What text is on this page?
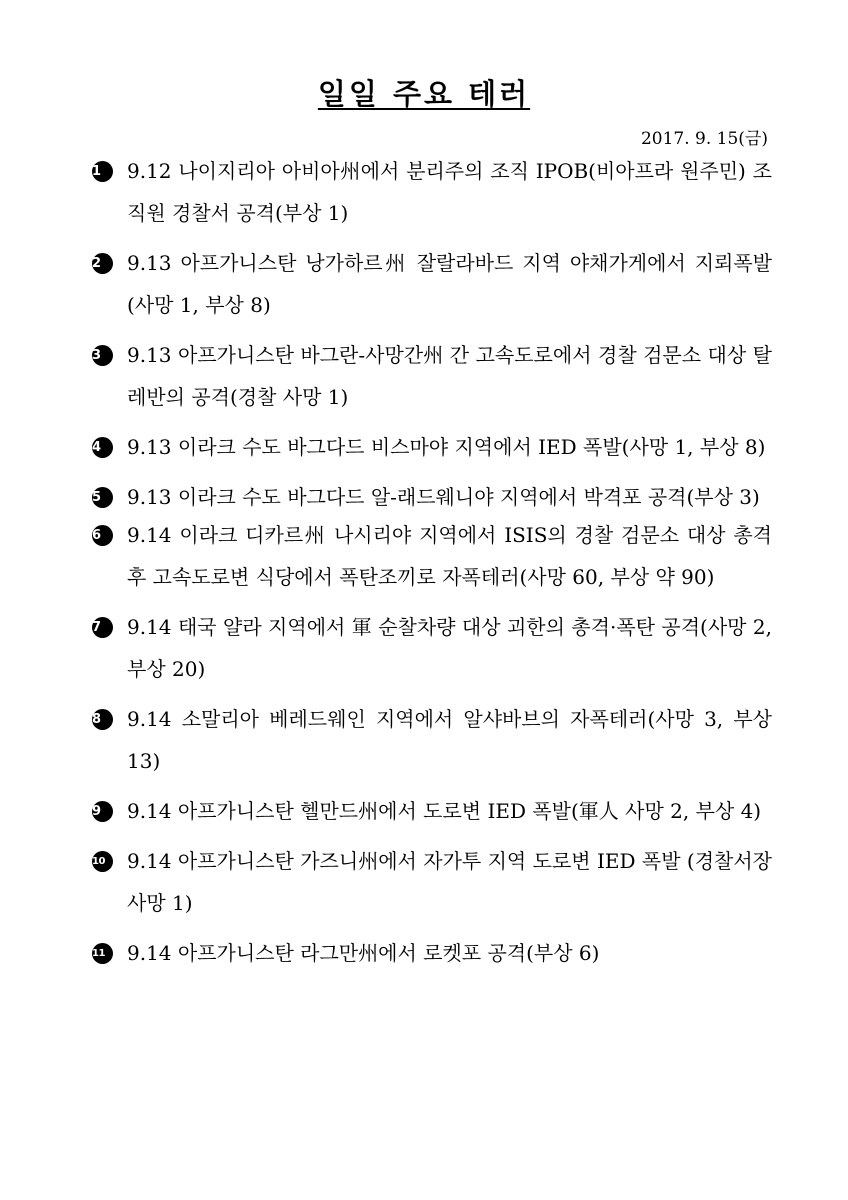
일일 주요 테러
2017. 9. 15(금)
1	9.12 나이지리아 아비아州에서 분리주의 조직 IPOB(비아프라 원주민) 조직원 경찰서 공격(부상 1)
2	9.13 아프가니스탄 낭가하르州 잘랄라바드 지역 야채가게에서 지뢰폭발(사망 1, 부상 8)
3	9.13 아프가니스탄 바그란-사망간州 간 고속도로에서 경찰 검문소 대상 탈레반의 공격(경찰 사망 1)
4	9.13 이라크 수도 바그다드 비스마야 지역에서 IED 폭발(사망 1, 부상 8)
5	9.13 이라크 수도 바그다드 알-래드웨니야 지역에서 박격포 공격(부상 3)
6	9.14 이라크 디카르州 나시리야 지역에서 ISIS의 경찰 검문소 대상 총격 후 고속도로변 식당에서 폭탄조끼로 자폭테러(사망 60, 부상 약 90)
7	9.14 태국 얄라 지역에서 軍 순찰차량 대상 괴한의 총격·폭탄 공격(사망 2, 부상 20)
8	9.14 소말리아 베레드웨인 지역에서 알샤바브의 자폭테러(사망 3, 부상 13)
9	9.14 아프가니스탄 헬만드州에서 도로변 IED 폭발(軍人 사망 2, 부상 4)
10	9.14 아프가니스탄 가즈니州에서 자가투 지역 도로변 IED 폭발 (경찰서장 사망 1)
11	9.14 아프가니스탄 라그만州에서 로켓포 공격(부상 6)
